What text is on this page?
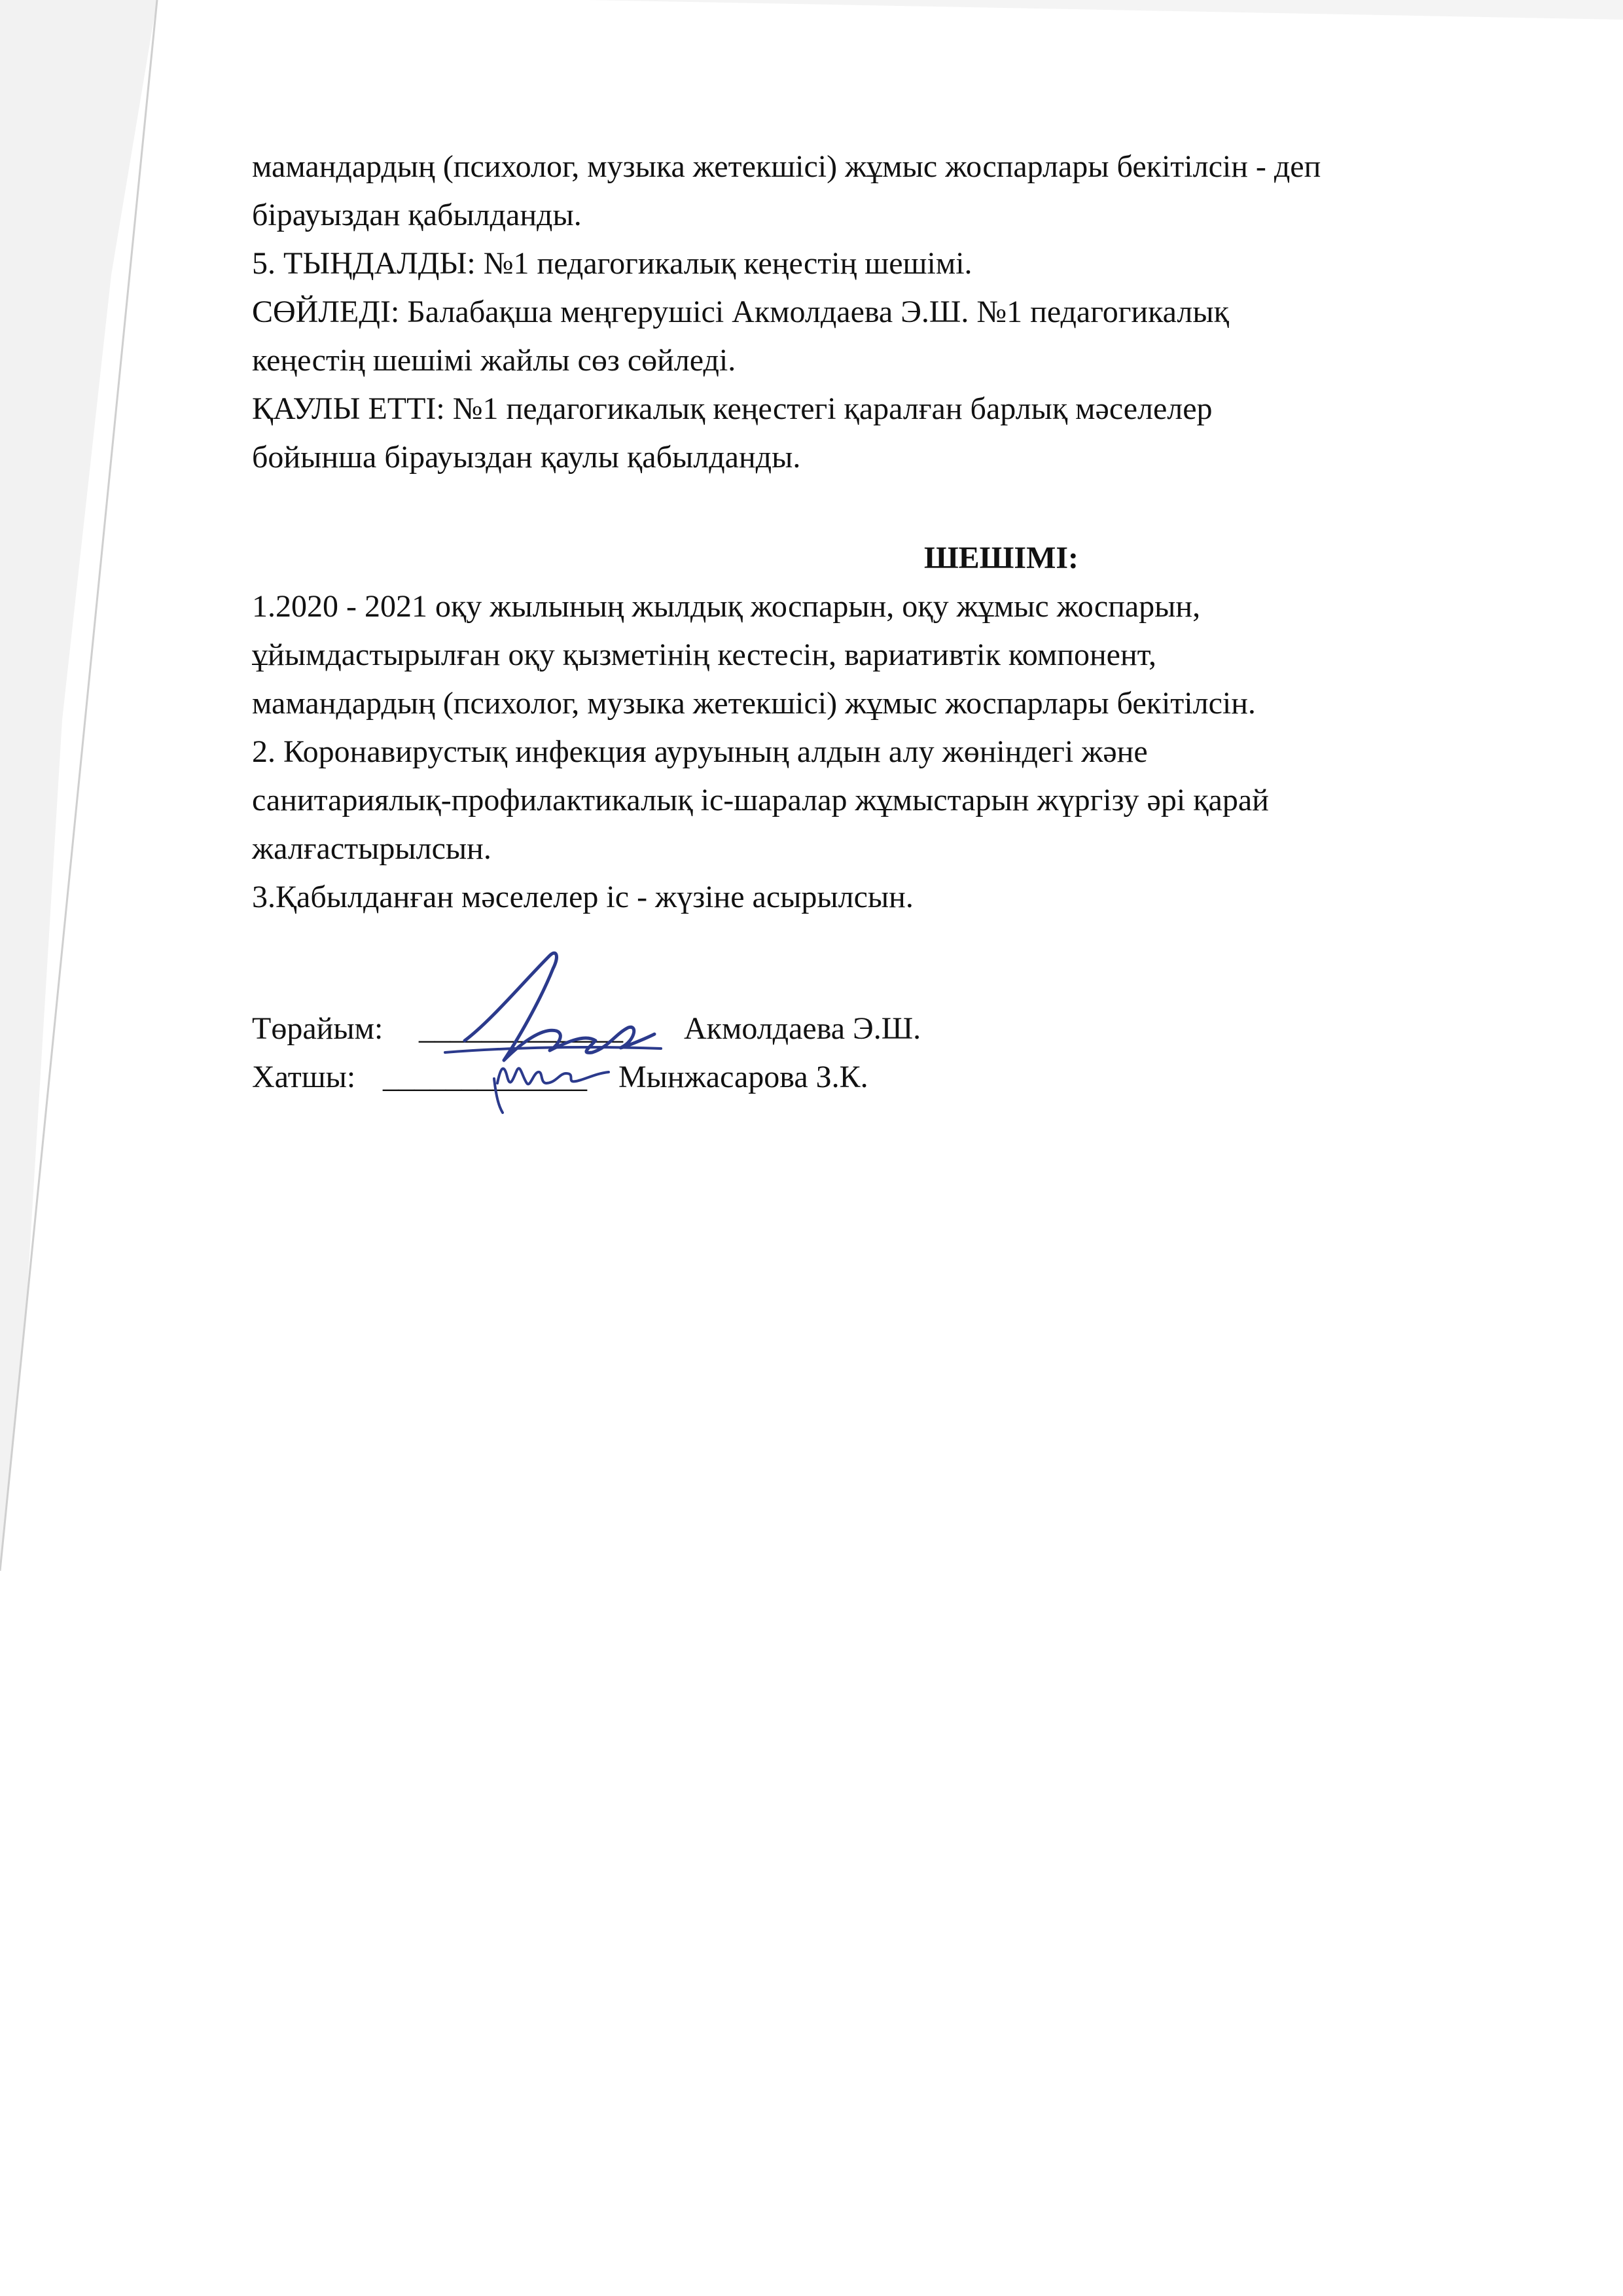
мамандардың (психолог, музыка жетекшісі) жұмыс жоспарлары бекітілсін - деп
бірауыздан қабылданды.
5. ТЫҢДАЛДЫ: №1 педагогикалық кеңестің шешімі.
СӨЙЛЕДІ: Балабақша меңгерушісі Акмолдаева Э.Ш. №1 педагогикалық
кеңестің шешімі жайлы сөз сөйледі.
ҚАУЛЫ ЕТТІ: №1 педагогикалық кеңестегі қаралған барлық мәселелер
бойынша бірауыздан қаулы қабылданды.
ШЕШІМІ:
1.2020 - 2021 оқу жылының жылдық жоспарын, оқу жұмыс жоспарын,
ұйымдастырылған оқу қызметінің кестесін, вариативтік компонент,
мамандардың (психолог, музыка жетекшісі) жұмыс жоспарлары бекітілсін.
2. Коронавирустық инфекция ауруының алдын алу жөніндегі және
санитариялық-профилактикалық іс-шаралар жұмыстарын жүргізу әрі қарай
жалғастырылсын.
3.Қабылданған мәселелер іс - жүзіне асырылсын.
Төрайым: _____________ Акмолдаева Э.Ш.
Хатшы: _____________ Мынжасарова З.К.
